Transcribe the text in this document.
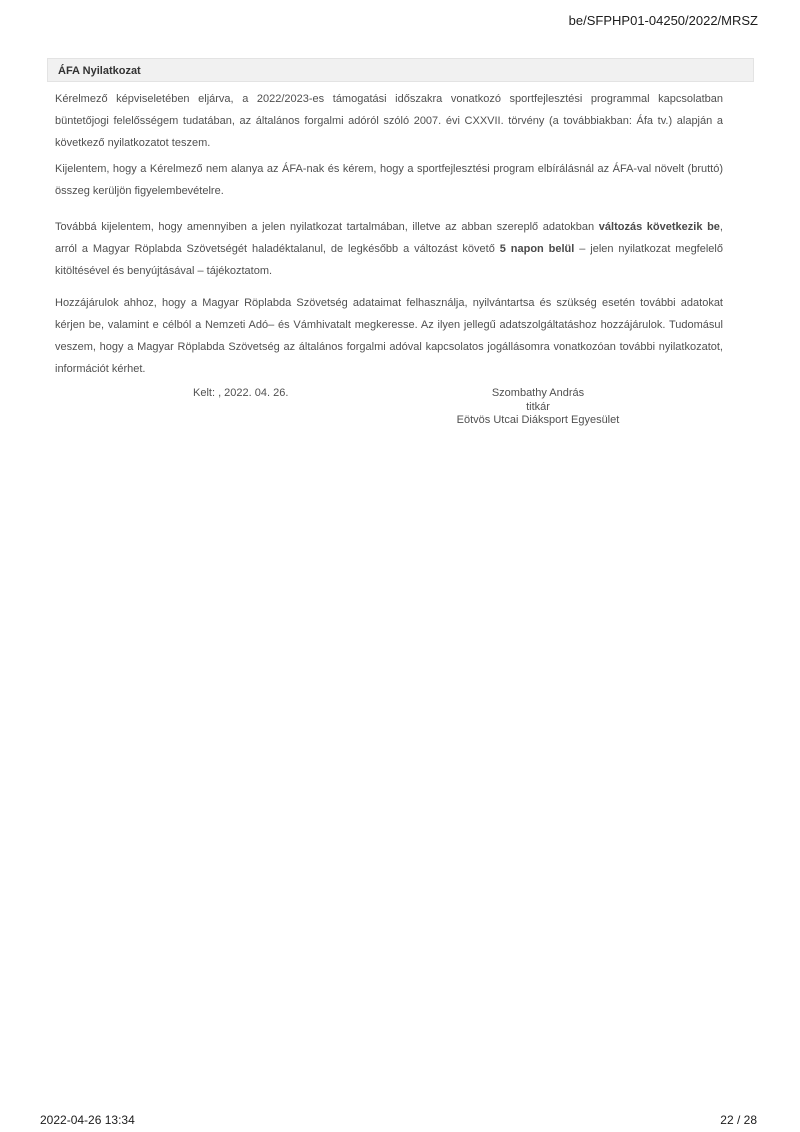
be/SFPHP01-04250/2022/MRSZ
ÁFA Nyilatkozat

Kérelmező képviseletében eljárva, a 2022/2023-es támogatási időszakra vonatkozó sportfejlesztési programmal kapcsolatban büntetőjogi felelősségem tudatában, az általános forgalmi adóról szóló 2007. évi CXXVII. törvény (a továbbiakban: Áfa tv.) alapján a következő nyilatkozatot teszem.

Kijelentem, hogy a Kérelmező nem alanya az ÁFA-nak és kérem, hogy a sportfejlesztési program elbírálásnál az ÁFA-val növelt (bruttó) összeg kerüljön figyelembevételre.

Továbbá kijelentem, hogy amennyiben a jelen nyilatkozat tartalmában, illetve az abban szereplő adatokban változás következik be, arról a Magyar Röplabda Szövetségét haladéktalanul, de legkésőbb a változást követő 5 napon belül – jelen nyilatkozat megfelelő kitöltésével és benyújtásával – tájékoztatom.

Hozzájárulok ahhoz, hogy a Magyar Röplabda Szövetség adataimat felhasználja, nyilvántartsa és szükség esetén további adatokat kérjen be, valamint e célból a Nemzeti Adó– és Vámhivatalt megkeresse. Az ilyen jellegű adatszolgáltatáshoz hozzájárulok. Tudomásul veszem, hogy a Magyar Röplabda Szövetség az általános forgalmi adóval kapcsolatos jogállásomra vonatkozóan további nyilatkozatot, információt kérhet.

Kelt: , 2022. 04. 26.	Szombathy András
titkár
Eötvös Utcai Diáksport Egyesület
2022-04-26 13:34	22 / 28
